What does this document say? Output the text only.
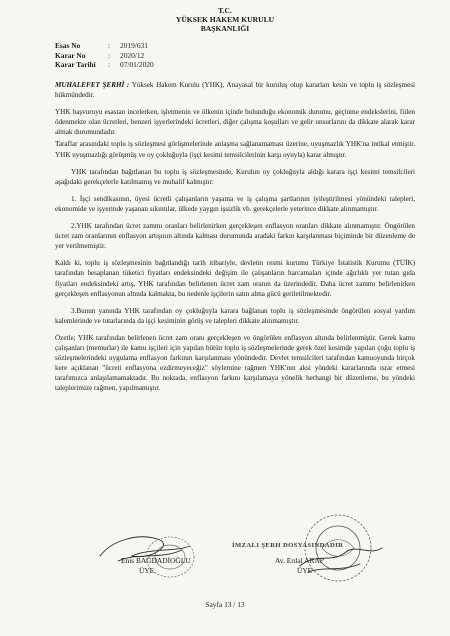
T.C.
YÜKSEK HAKEM KURULU
BAŞKANLIĞI
Esas No	:	2019/631
Karar No	:	2020/12
Karar Tarihi	:	07/01/2020

MUHALEFET ŞERHİ : Yüksek Hakem Kurulu (YHK), Anayasal bir kuruluş olup kararları kesin ve toplu iş sözleşmesi hükmündedir.

YHK başvuruyu esastan incelerken, işletmenin ve ülkenin içinde bulunduğu ekonomik durumu, geçinme endekslerini, fiilen ödenmekte olan ücretleri, benzeri işyerlerindeki ücretleri, diğer çalışma koşulları ve gelir unsurlarını da dikkate alarak karar almak durumundadır.

Taraflar arasındaki toplu iş sözleşmesi görüşmelerinde anlaşma sağlanamaması üzerine, uyuşmazlık YHK'na intikal etmiştir. YHK uyuşmazlığı görüşmüş ve oy çokluğuyla (işçi kesimi temsilcilerinin karşı oyuyla) karar almıştır.

YHK tarafından bağıtlanan bu toplu iş sözleşmesinde, Kurulun oy çokluğuyla aldığı karara işçi kesimi temsilcileri aşağıdaki gerekçelerle katılmamış ve muhalif kalmıştır:

1. İşçi sendikasının, üyesi ücretli çalışanların yaşama ve iş çalışma şartlarının iyileştirilmesi yönündeki talepleri, ekonomide ve işyerinde yaşanan sıkıntılar, ülkede yaygın işsizlik vb. gerekçelerle yeterince dikkate alınmamıştır.

2.YHK tarafından ücret zammı oranları belirlenirken gerçekleşen enflasyon oranları dikkate alınmamıştır. Öngörülen ücret zam oranlarının enflasyon artışının altında kalması durumunda aradaki farkın karşılanması biçiminde bir düzenleme de yer verilmemiştir.

Kaldı ki, toplu iş sözleşmesinin bağıtlandığı tarih itibariyle, devletin resmi kurumu Türkiye İstatistik Kurumu (TÜİK) tarafından hesaplanan tüketici fiyatları endeksindeki değişim ile çalışanların harcamaları içinde ağırlıklı yer tutan gıda fiyatları endeksindeki artış, YHK tarafından belirlenen ücret zam oranın da üzerindedir. Daha ücret zammı belirlenirken gerçekleşen enflasyonun altında kalmakta, bu nedenle işçilerin satın alma gücü geriletilmektedir.

3.Bunun yanında YHK tarafından oy çokluğuyla karara bağlanan toplu iş sözleşmesinde öngörülen sosyal yardım kalemlerinde ve tutarlarında da işçi kesiminin görüş ve talepleri dikkate alınmamıştır.

Özetle; YHK tarafından belirlenen ücret zam oranı gerçekleşen ve öngörülen enflasyon altında belirlenmiştir. Gerek kamu çalışanları (memurlar) ile kamu işçileri için yapılan bütün toplu iş sözleşmelerinde gerek özel kesimde yapılan çoğu toplu iş sözleşmelerindeki uygulama enflasyon farkının karşılanması yönündedir. Devlet temsilcileri tarafından kamuoyunda birçok kere açıklanan "ücreti enflasyona ezdirmeyeceğiz" söylemine rağmen YHK'nın aksi yöndeki kararlarında ısrar etmesi tarafımızca anlaşılamamaktadır. Bu noktada, enflasyon farkını karşılamaya yönelik herhangi bir düzenleme, bu yöndeki taleplerimize rağmen, yapılmamıştır.

İMZALI ŞERH DOSYASINDADIR
Enis BAĞDADİOĞLU
ÜYE
Av. Erdal ARAP
ÜYE
Sayfa 13 / 13
